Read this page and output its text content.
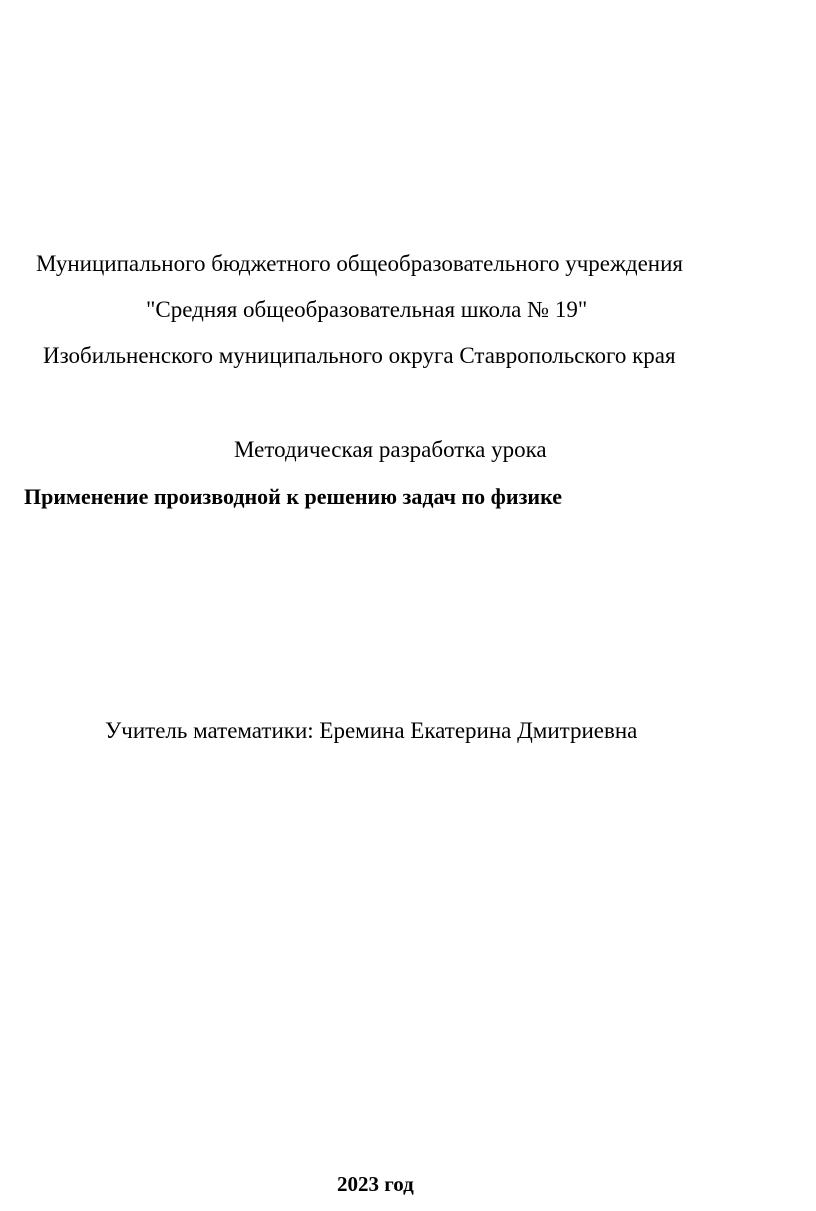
Муниципального бюджетного общеобразовательного учреждения
"Средняя общеобразовательная школа № 19"
Изобильненского муниципального округа Ставропольского края
Методическая разработка урока
Применение производной к решению задач по физике
Учитель математики: Еремина Екатерина Дмитриевна
2023 год
